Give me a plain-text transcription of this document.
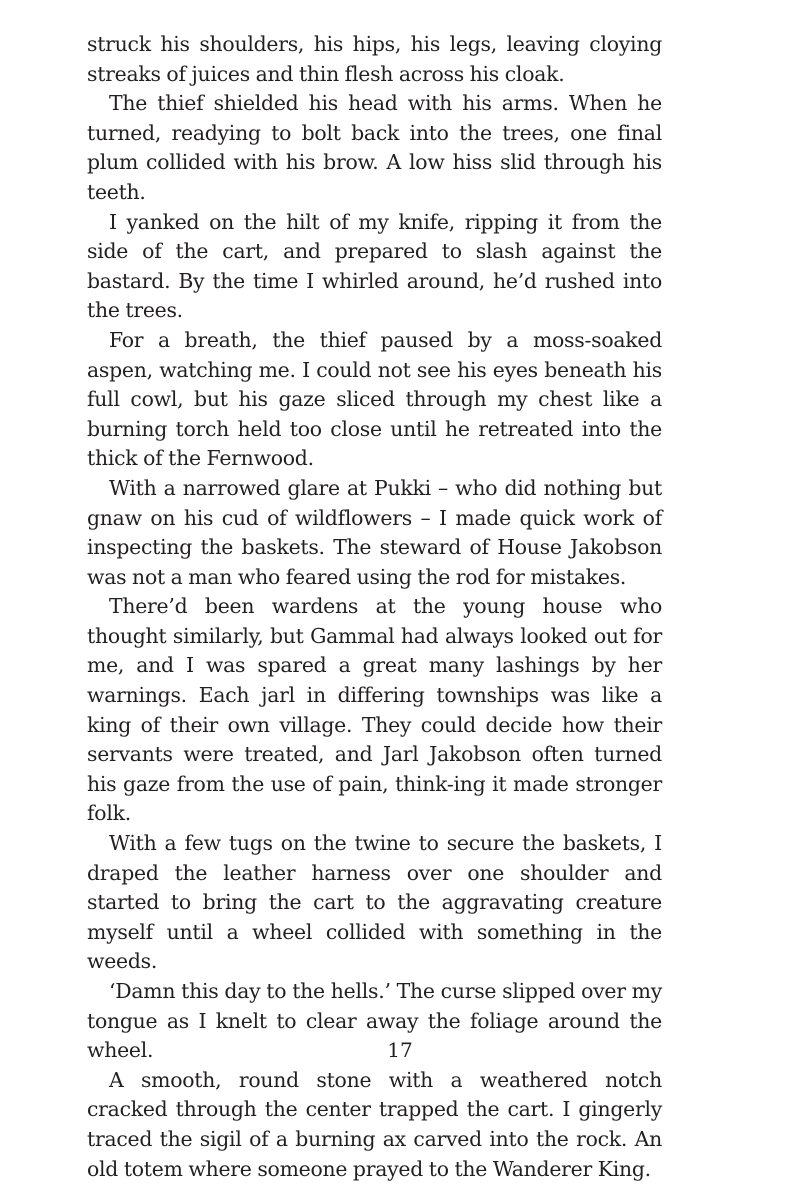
struck his shoulders, his hips, his legs, leaving cloying streaks of juices and thin flesh across his cloak.

The thief shielded his head with his arms. When he turned, readying to bolt back into the trees, one final plum collided with his brow. A low hiss slid through his teeth.

I yanked on the hilt of my knife, ripping it from the side of the cart, and prepared to slash against the bastard. By the time I whirled around, he’d rushed into the trees.

For a breath, the thief paused by a moss-soaked aspen, watching me. I could not see his eyes beneath his full cowl, but his gaze sliced through my chest like a burning torch held too close until he retreated into the thick of the Fernwood.

With a narrowed glare at Pukki – who did nothing but gnaw on his cud of wildflowers – I made quick work of inspecting the baskets. The steward of House Jakobson was not a man who feared using the rod for mistakes.

There’d been wardens at the young house who thought similarly, but Gammal had always looked out for me, and I was spared a great many lashings by her warnings. Each jarl in differing townships was like a king of their own village. They could decide how their servants were treated, and Jarl Jakobson often turned his gaze from the use of pain, think-ing it made stronger folk.

With a few tugs on the twine to secure the baskets, I draped the leather harness over one shoulder and started to bring the cart to the aggravating creature myself until a wheel collided with something in the weeds.

‘Damn this day to the hells.’ The curse slipped over my tongue as I knelt to clear away the foliage around the wheel.

A smooth, round stone with a weathered notch cracked through the center trapped the cart. I gingerly traced the sigil of a burning ax carved into the rock. An old totem where someone prayed to the Wanderer King.

17
